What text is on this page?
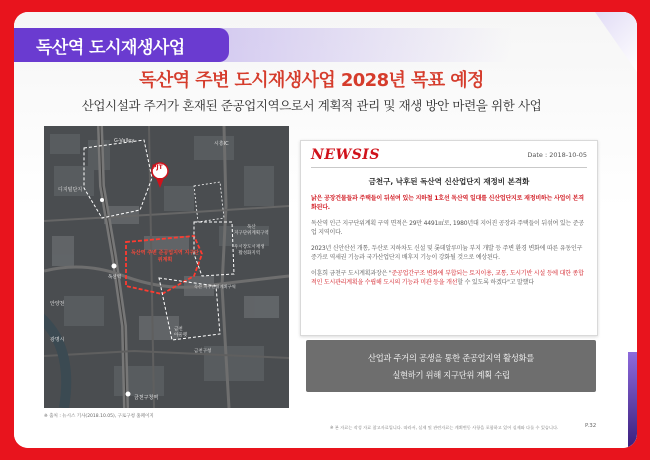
독산역 도시재생사업
독산역 주변 도시재생사업 2028년 목표 예정
산업시설과 주거가 혼재된 준공업지역으로서 계획적 관리 및 재생 방안 마련을 위한 사업
PJT
G-Valley
디지털단지
시흥IC
독산
지구단위계획구역
우시장도시재생
활성화지역
독산 지구단위계획구역
독산역 주변 준공업지역 지구단위계획
독산역
금천
아울렛
금천구청
안양천
광명시
금천구청역
※ 출처 : 뉴시스 기사(2018.10.05), 구로구청 홈페이지
NEWSIS	Date : 2018-10-05
금천구, 낙후된 독산역 신산업단지 재정비 본격화
낡은 공장건물들과 주택들이 뒤섞여 있는 지하철 1호선 독산역 일대를 신산업단지로 재정비하는 사업이 본격화된다.
독산역 인근 지구단위계획 구역 면적은 29만 4491㎡로, 1980년대 지어진 공장과 주택들이 뒤섞여 있는 준공업 지역이다.
2023년 신안산선 개통, 두산로 지하차도 신설 및 롯데알루미늄 부지 개발 등 주변 환경 변화에 따른 유동인구 증가로 역세권 기능과 국가산업단지 배후지 기능이 강화될 것으로 예상된다.
이훈희 금천구 도시계획과장은 "준공업간구조 변화에 부합되는 토지이용, 교통, 도시기반 시설 등에 대한 종합적인 도시관리계획을 수립해 도시의 기능과 미관 등을 개선할 수 있도록 하겠다"고 말했다
산업과 주거의 공생을 통한 준공업지역 활성화를
실현하기 위해 지구단위 계획 수립
※ 본 자료는 작성 자료 참고자료입니다. 따라서, 실제 및 관련자료는 계획변동 사항을 포함하고 있어 실제와 다를 수 있습니다.	P.32
